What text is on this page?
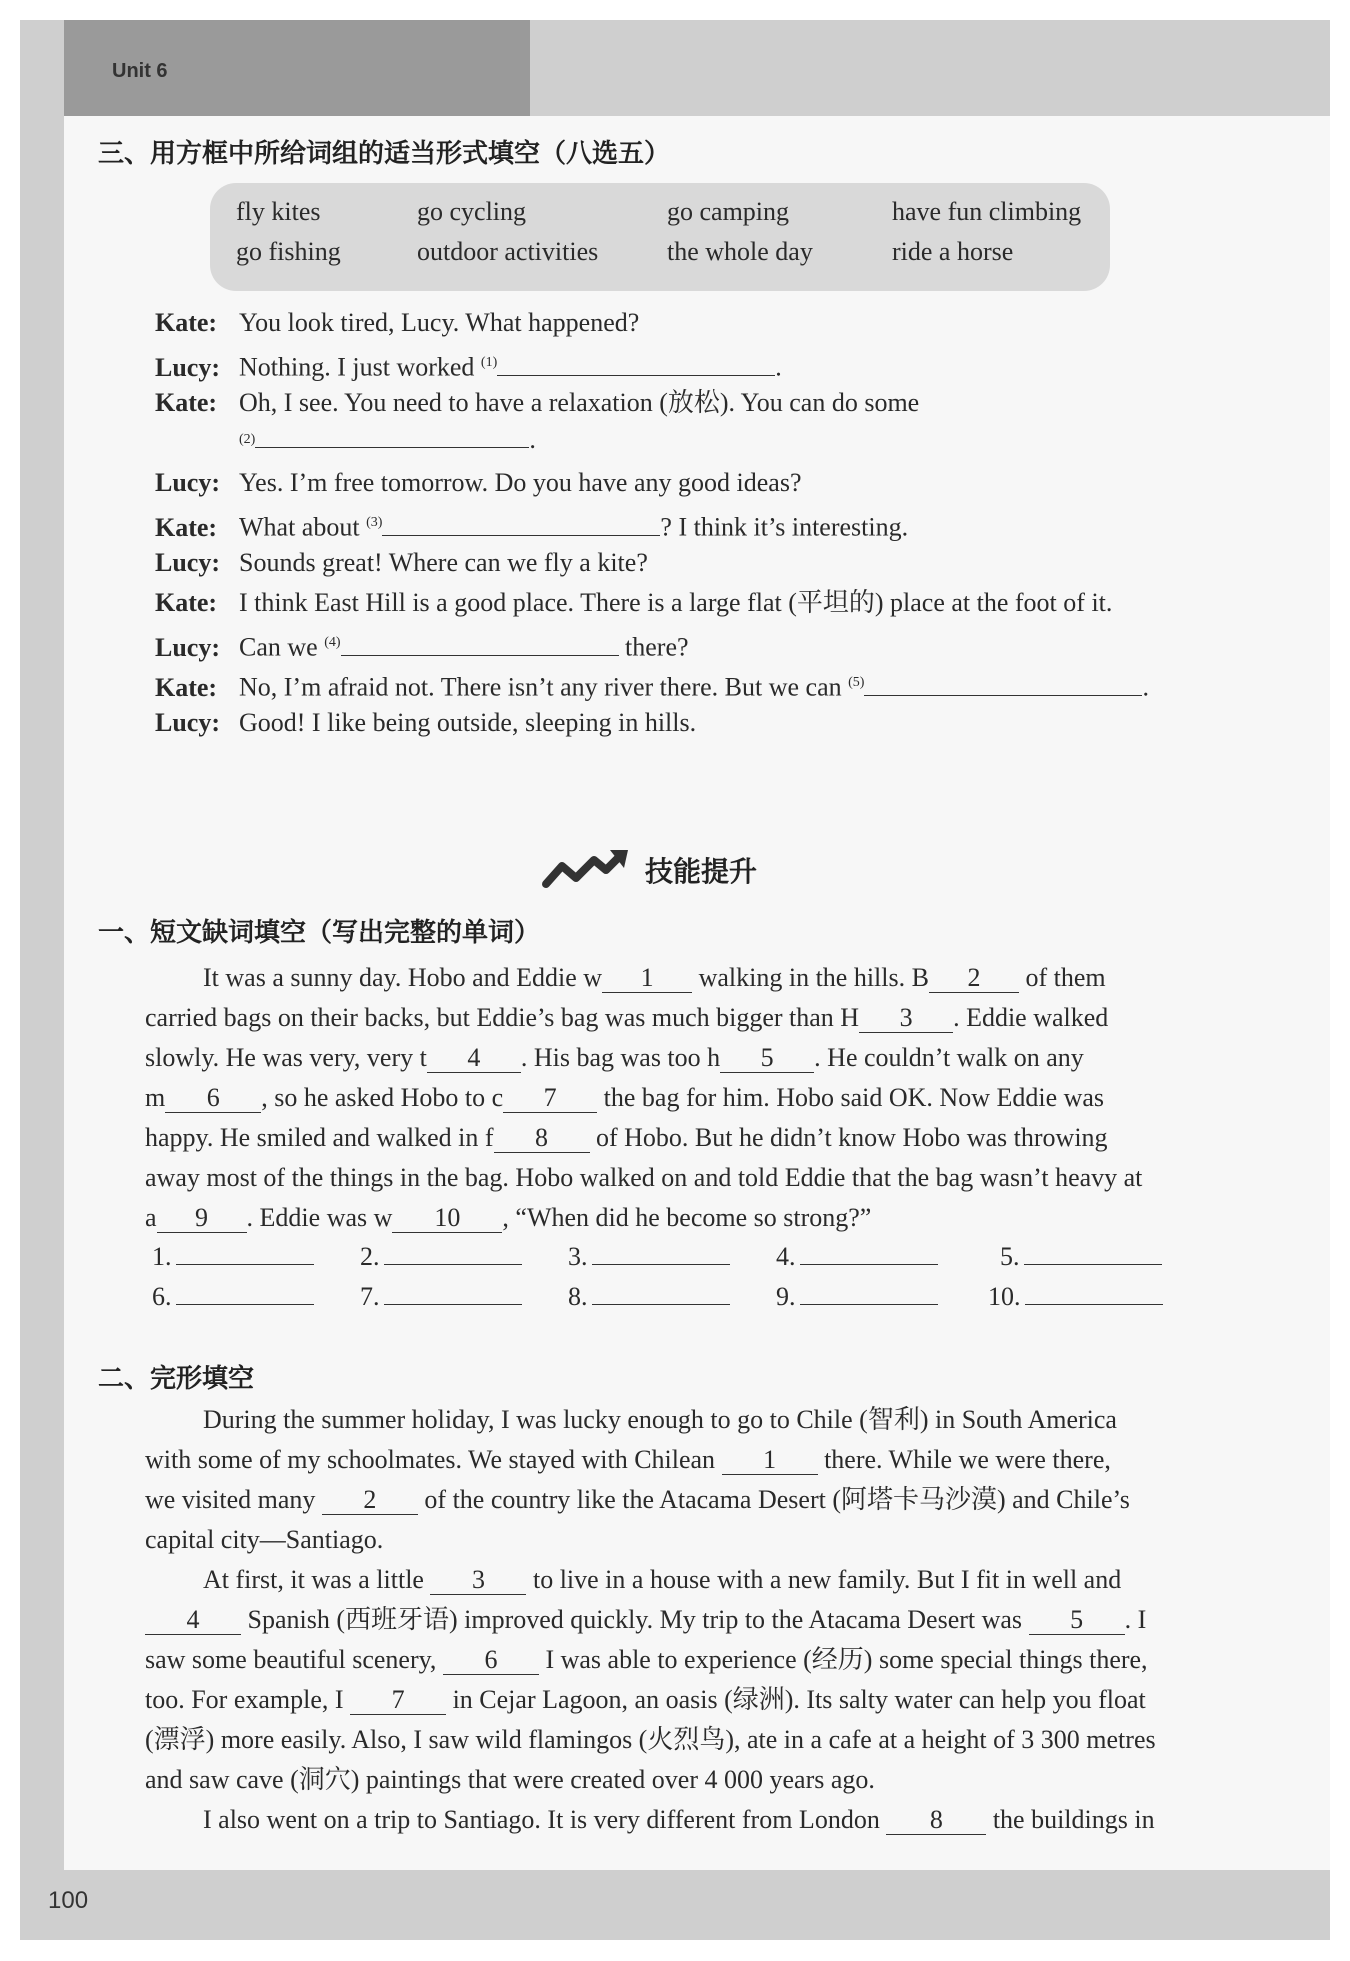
Unit 6
100
三、用方框中所给词组的适当形式填空（八选五）
fly kites	go cycling	go camping	have fun climbing
go fishing	outdoor activities	the whole day	ride a horse
Kate: You look tired, Lucy. What happened?
Lucy: Nothing. I just worked $^{(1)}$	.
Kate: Oh, I see. You need to have a relaxation (放松). You can do some
$^{(2)}$	.
Lucy: Yes. I’m free tomorrow. Do you have any good ideas?
Kate: What about $^{(3)}$	? I think it’s interesting.
Lucy: Sounds great! Where can we fly a kite?
Kate: I think East Hill is a good place. There is a large flat (平坦的) place at the foot of it.
Lucy: Can we $^{(4)}$	there?
Kate: No, I’m afraid not. There isn’t any river there. But we can $^{(5)}$	.
Lucy: Good! I like being outside, sleeping in hills.
技能提升
一、短文缺词填空（写出完整的单词）
It was a sunny day. Hobo and Eddie w 1 walking in the hills. B 2 of them
carried bags on their backs, but Eddie’s bag was much bigger than H 3 . Eddie walked
slowly. He was very, very t 4 . His bag was too h 5 . He couldn’t walk on any
m 6 , so he asked Hobo to c 7 the bag for him. Hobo said OK. Now Eddie was
happy. He smiled and walked in f 8 of Hobo. But he didn’t know Hobo was throwing
away most of the things in the bag. Hobo walked on and told Eddie that the bag wasn’t heavy at
a 9 . Eddie was w 10 , “When did he become so strong?”
1.	2.	3.	4.	5.
6.	7.	8.	9.	10.
二、完形填空
During the summer holiday, I was lucky enough to go to Chile (智利) in South America
with some of my schoolmates. We stayed with Chilean 1 there. While we were there,
we visited many 2 of the country like the Atacama Desert (阿塔卡马沙漠) and Chile’s
capital city—Santiago.
At first, it was a little 3 to live in a house with a new family. But I fit in well and
4 Spanish (西班牙语) improved quickly. My trip to the Atacama Desert was 5 . I
saw some beautiful scenery, 6 I was able to experience (经历) some special things there,
too. For example, I 7 in Cejar Lagoon, an oasis (绿洲). Its salty water can help you float
(漂浮) more easily. Also, I saw wild flamingos (火烈鸟), ate in a cafe at a height of 3 300 metres
and saw cave (洞穴) paintings that were created over 4 000 years ago.
I also went on a trip to Santiago. It is very different from London 8 the buildings in
